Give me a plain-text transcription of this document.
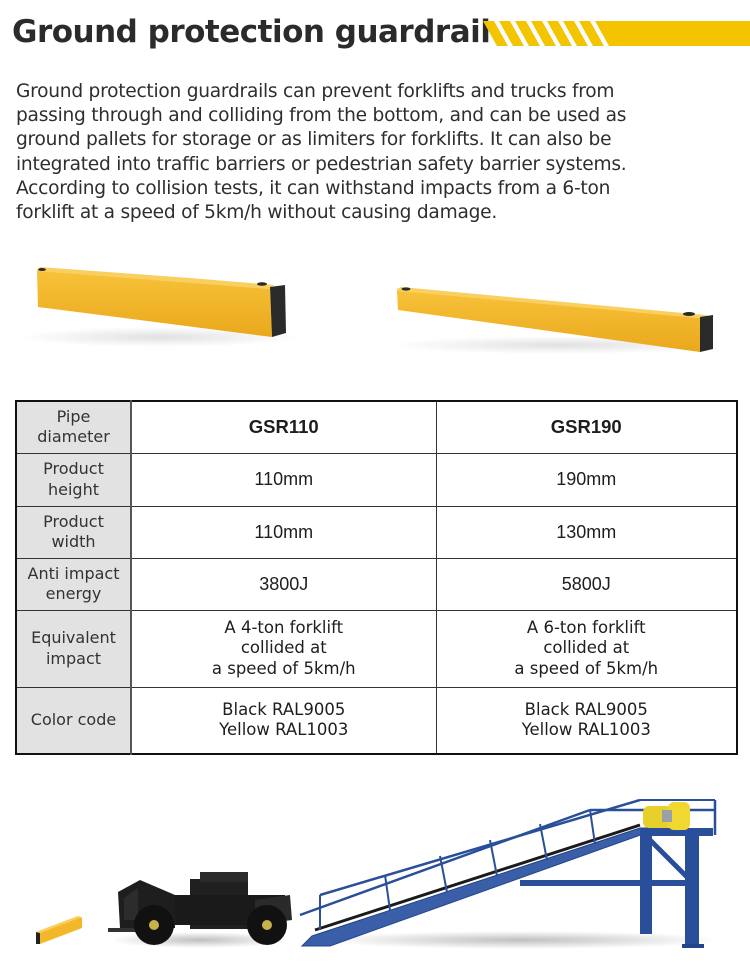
Ground protection guardrail

Ground protection guardrails can prevent forklifts and trucks from

passing through and colliding from the bottom, and can be used as

ground pallets for storage or as limiters for forklifts. It can also be

integrated into traffic barriers or pedestrian safety barrier systems.

According to collision tests, it can withstand impacts from a 6-ton

forklift at a speed of 5km/h without causing damage.

Pipe
diameter	GSR110	GSR190

Product
height	110mm	190mm

Product
width	110mm	130mm

Anti impact
energy	3800J	5800J

Equivalent
impact	A 4-ton forklift
collided at
a speed of 5km/h	A 6-ton forklift
collided at
a speed of 5km/h

Color code	Black RAL9005
Yellow RAL1003	Black RAL9005
Yellow RAL1003
